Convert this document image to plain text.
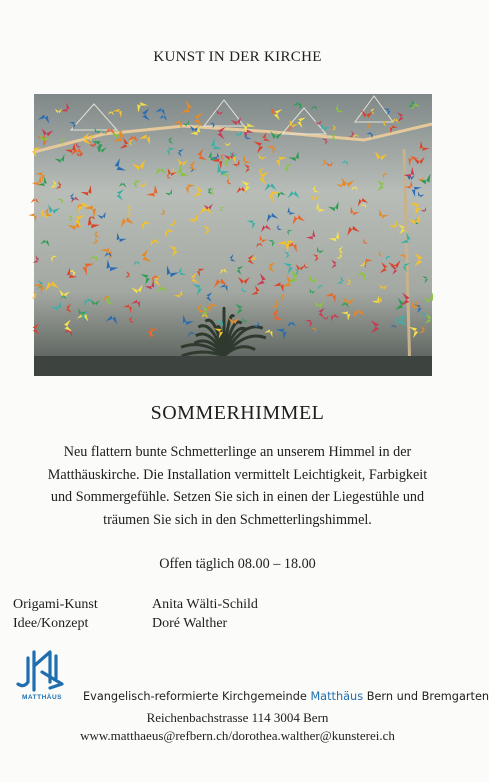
KUNST IN DER KIRCHE
SOMMERHIMMEL
Neu flattern bunte Schmetterlinge an unserem Himmel in der
Matthäuskirche. Die Installation vermittelt Leichtigkeit, Farbigkeit
und Sommergefühle. Setzen Sie sich in einen der Liegestühle und
träumen Sie sich in den Schmetterlingshimmel.
Offen täglich 08.00 – 18.00
Origami-Kunst	Anita Wälti-Schild
Idee/Konzept	Doré Walther
MATTHÄUS	Evangelisch-reformierte Kirchgemeinde Matthäus Bern und Bremgarten
Reichenbachstrasse 114 3004 Bern
www.matthaeus@refbern.ch/dorothea.walther@kunsterei.ch
